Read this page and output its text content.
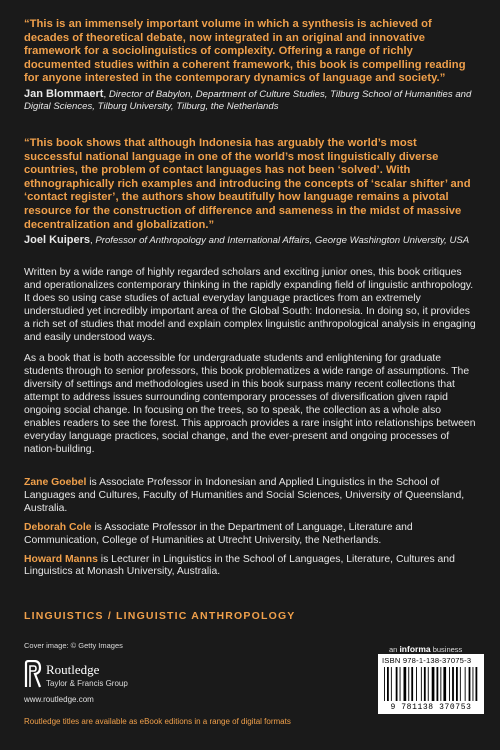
“This is an immensely important volume in which a synthesis is achieved of decades of theoretical debate, now integrated in an original and innovative framework for a sociolinguistics of complexity. Offering a range of richly documented studies within a coherent framework, this book is compelling reading for anyone interested in the contemporary dynamics of language and society.”

Jan Blommaert, Director of Babylon, Department of Culture Studies, Tilburg School of Humanities and Digital Sciences, Tilburg University, Tilburg, the Netherlands

“This book shows that although Indonesia has arguably the world’s most successful national language in one of the world’s most linguistically diverse countries, the problem of contact languages has not been ‘solved’. With ethnographically rich examples and introducing the concepts of ‘scalar shifter’ and ‘contact register’, the authors show beautifully how language remains a pivotal resource for the construction of difference and sameness in the midst of massive decentralization and globalization.”

Joel Kuipers, Professor of Anthropology and International Affairs, George Washington University, USA

Written by a wide range of highly regarded scholars and exciting junior ones, this book critiques and operationalizes contemporary thinking in the rapidly expanding field of linguistic anthropology. It does so using case studies of actual everyday language practices from an extremely understudied yet incredibly important area of the Global South: Indonesia. In doing so, it provides a rich set of studies that model and explain complex linguistic anthropological analysis in engaging and easily understood ways.

As a book that is both accessible for undergraduate students and enlightening for graduate students through to senior professors, this book problematizes a wide range of assumptions. The diversity of settings and methodologies used in this book surpass many recent collections that attempt to address issues surrounding contemporary processes of diversification given rapid ongoing social change. In focusing on the trees, so to speak, the collection as a whole also enables readers to see the forest. This approach provides a rare insight into relationships between everyday language practices, social change, and the ever-present and ongoing processes of nation-building.

Zane Goebel is Associate Professor in Indonesian and Applied Linguistics in the School of Languages and Cultures, Faculty of Humanities and Social Sciences, University of Queensland, Australia.

Deborah Cole is Associate Professor in the Department of Language, Literature and Communication, College of Humanities at Utrecht University, the Netherlands.

Howard Manns is Lecturer in Linguistics in the School of Languages, Literature, Cultures and Linguistics at Monash University, Australia.

LINGUISTICS / LINGUISTIC ANTHROPOLOGY
Cover image: © Getty Images
Routledge
Taylor & Francis Group
www.routledge.com
Routledge titles are available as eBook editions in a range of digital formats
an informa business
ISBN 978-1-138-37075-3
9 781138 370753
